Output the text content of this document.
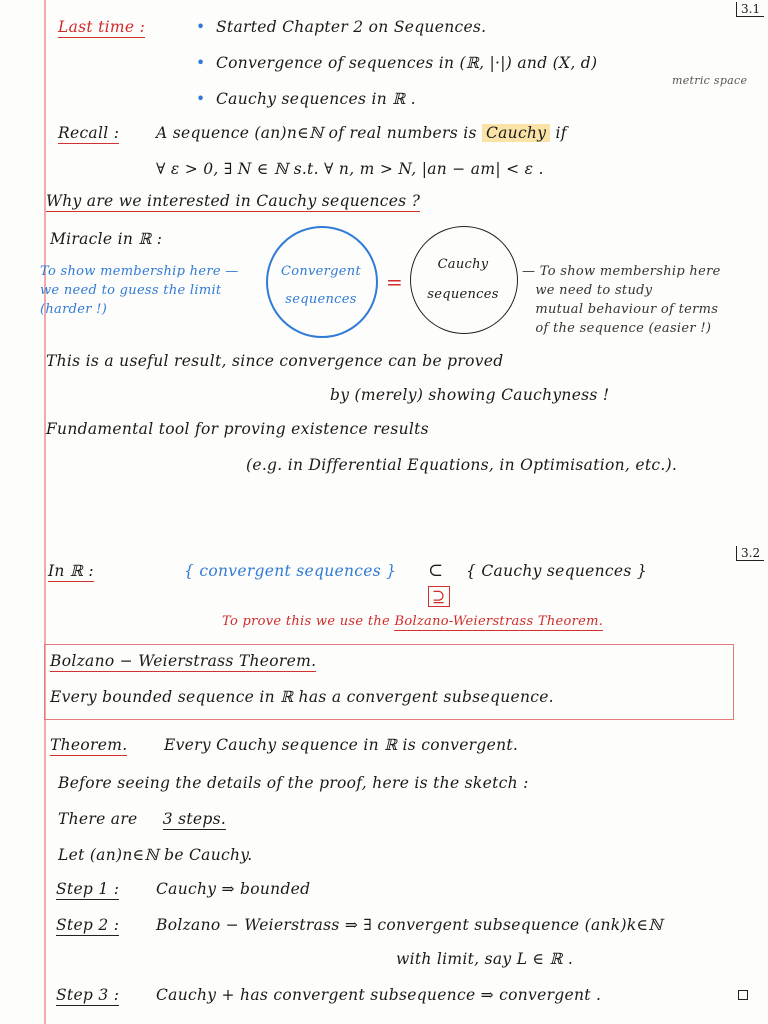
3.1
Last time :	• Started Chapter 2 on Sequences.
• Convergence of sequences in (ℝ, |·|) and (X, d)
metric space
• Cauchy sequences in ℝ .
Recall : A sequence (an)n∈ℕ of real numbers is Cauchy if
∀ ε > 0, ∃ N ∈ ℕ s.t. ∀ n, m > N, |an − am| < ε .
Why are we interested in Cauchy sequences ?
Miracle in ℝ :
To show membership here —
we need to guess the limit
(harder !)
Convergent
sequences
=
Cauchy
sequences
— To show membership here
we need to study
mutual behaviour of terms
of the sequence (easier !)
This is a useful result, since convergence can be proved
by (merely) showing Cauchyness !
Fundamental tool for proving existence results
(e.g. in Differential Equations, in Optimisation, etc.).
3.2
In ℝ :	{ convergent sequences } ⊂ { Cauchy sequences }
⊇
To prove this we use the Bolzano-Weierstrass Theorem.
Bolzano − Weierstrass Theorem.
Every bounded sequence in ℝ has a convergent subsequence.
Theorem. Every Cauchy sequence in ℝ is convergent.
Before seeing the details of the proof, here is the sketch :
There are 3 steps.
Let (an)n∈ℕ be Cauchy.
Step 1 : Cauchy ⇒ bounded
Step 2 : Bolzano − Weierstrass ⇒ ∃ convergent subsequence (ank)k∈ℕ
with limit, say L ∈ ℝ .
Step 3 : Cauchy + has convergent subsequence ⇒ convergent .
